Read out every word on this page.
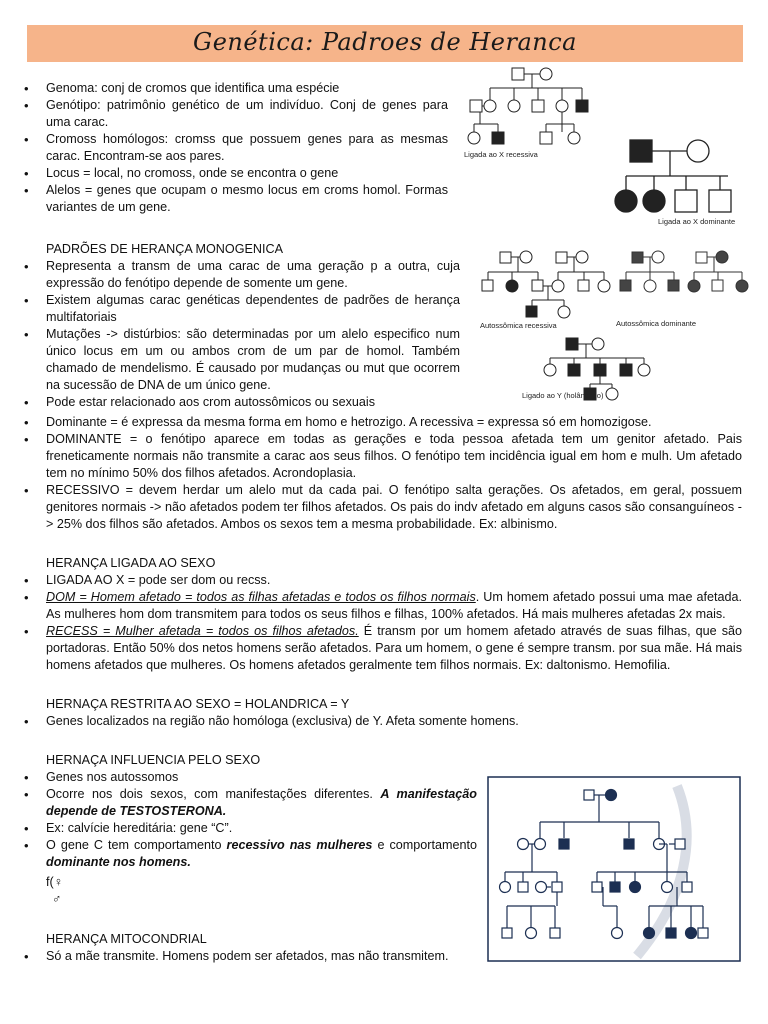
Genética: Padroes de Heranca
• Genoma: conj de cromos que identifica uma espécie
• Genótipo: patrimônio genético de um indivíduo. Conj de genes para uma carac.
• Cromoss homólogos: cromss que possuem genes para as mesmas carac. Encontram-se aos pares.
• Locus = local, no cromoss, onde se encontra o gene
• Alelos = genes que ocupam o mesmo locus em croms homol. Formas variantes de um gene.

PADRÕES DE HERANÇA MONOGENICA

• Representa a transm de uma carac de uma geração p a outra, cuja expressão do fenótipo depende de somente um gene.
• Existem algumas carac genéticas dependentes de padrões de herança multifatoriais
• Mutações -> distúrbios: são determinadas por um alelo especifico num único locus em um ou ambos crom de um par de homol. Também chamado de mendelismo. É causado por mudanças ou mut que ocorrem na sucessão de DNA de um único gene.
• Pode estar relacionado aos crom autossômicos ou sexuais
• Dominante = é expressa da mesma forma em homo e hetrozigo. A recessiva = expressa só em homozigose.
• DOMINANTE = o fenótipo aparece em todas as gerações e toda pessoa afetada tem um genitor afetado. Pais freneticamente normais não transmite a carac aos seus filhos. O fenótipo tem incidência igual em hom e mulh. Um afetado tem no mínimo 50% dos filhos afetados. Acrondoplasia.
• RECESSIVO = devem herdar um alelo mut da cada pai. O fenótipo salta gerações. Os afetados, em geral, possuem genitores normais -> não afetados podem ter filhos afetados. Os pais do indv afetado em alguns casos são consanguíneos -> 25% dos filhos são afetados. Ambos os sexos tem a mesma probabilidade. Ex: albinismo.

HERANÇA LIGADA AO SEXO

• LIGADA AO X = pode ser dom ou recss.
• DOM = Homem afetado = todos as filhas afetadas e todos os filhos normais. Um homem afetado possui uma mae afetada. As mulheres hom dom transmitem para todos os seus filhos e filhas, 100% afetados. Há mais mulheres afetadas 2x mais.
• RECESS = Mulher afetada = todos os filhos afetados. É transm por um homem afetado através de suas filhas, que são portadoras. Então 50% dos netos homens serão afetados. Para um homem, o gene é sempre transm. por sua mãe. Há mais homens afetados que mulheres. Os homens afetados geralmente tem filhos normais. Ex: daltonismo. Hemofilia.

HERNAÇA RESTRITA AO SEXO = HOLANDRICA = Y

• Genes localizados na região não homóloga (exclusiva) de Y. Afeta somente homens.

HERNAÇA INFLUENCIA PELO SEXO

• Genes nos autossomos
• Ocorre nos dois sexos, com manifestações diferentes. A manifestação depende de TESTOSTERONA.
• Ex: calvície hereditária: gene “C”.
• O gene C tem comportamento recessivo nas mulheres e comportamento dominante nos homens.
f(♀
♂

HERANÇA MITOCONDRIAL

• Só a mãe transmite. Homens podem ser afetados, mas não transmitem.
Ligada ao X recessiva
Ligada ao X dominante
Autossômica recessiva	Autossômica dominante
Ligado ao Y (holândrico)
